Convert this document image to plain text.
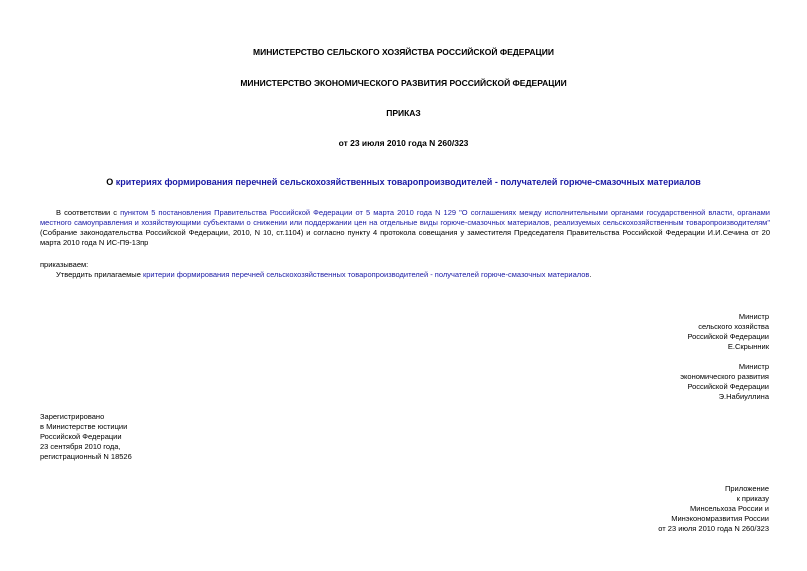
МИНИСТЕРСТВО СЕЛЬСКОГО ХОЗЯЙСТВА РОССИЙСКОЙ ФЕДЕРАЦИИ
МИНИСТЕРСТВО ЭКОНОМИЧЕСКОГО РАЗВИТИЯ РОССИЙСКОЙ ФЕДЕРАЦИИ
ПРИКАЗ
от 23 июля 2010 года N 260/323
О критериях формирования перечней сельскохозяйственных товаропроизводителей - получателей горюче-смазочных материалов
В соответствии с пунктом 5 постановления Правительства Российской Федерации от 5 марта 2010 года N 129 "О соглашениях между исполнительными органами государственной власти, органами местного самоуправления и хозяйствующими субъектами о снижении или поддержании цен на отдельные виды горюче-смазочных материалов, реализуемых сельскохозяйственным товаропроизводителям" (Собрание законодательства Российской Федерации, 2010, N 10, ст.1104) и согласно пункту 4 протокола совещания у заместителя Председателя Правительства Российской Федерации И.И.Сечина от 20 марта 2010 года N ИС-П9-13пр
приказываем:
Утвердить прилагаемые критерии формирования перечней сельскохозяйственных товаропроизводителей - получателей горюче-смазочных материалов.
Министр
сельского хозяйства
Российской Федерации
Е.Скрынник
Министр
экономического развития
Российской Федерации
Э.Набиуллина
Зарегистрировано
в Министерстве юстиции
Российской Федерации
23 сентября 2010 года,
регистрационный N 18526
Приложение
к приказу
Минсельхоза России и
Минэкономразвития России
от 23 июля 2010 года N 260/323
